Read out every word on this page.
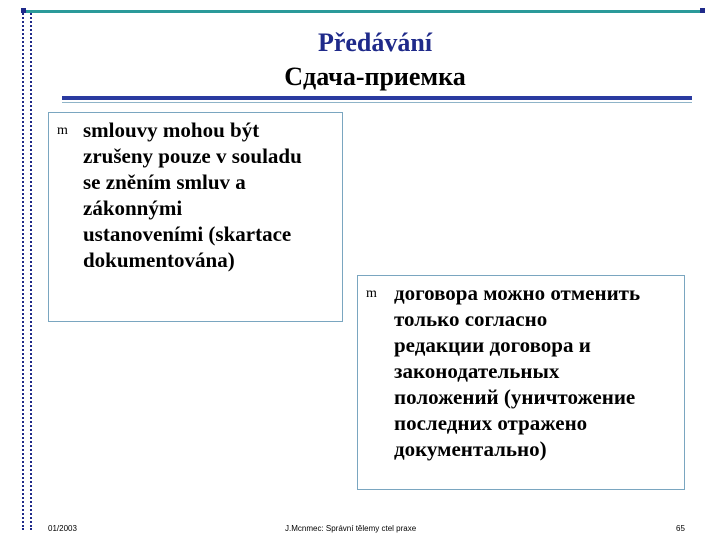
Předávání
Сдача-приемка
m smlouvy mohou být
zrušeny pouze v souladu
se zněním smluv a
zákonnými
ustanoveními (skartace
dokumentována)
m договора можно отменить
только согласно
редакции договора и
законодательных
положений (уничтожение
последних отражено
документально)
01/2003	J.Mcnmec: Správní tělemy ctel praxe	65
